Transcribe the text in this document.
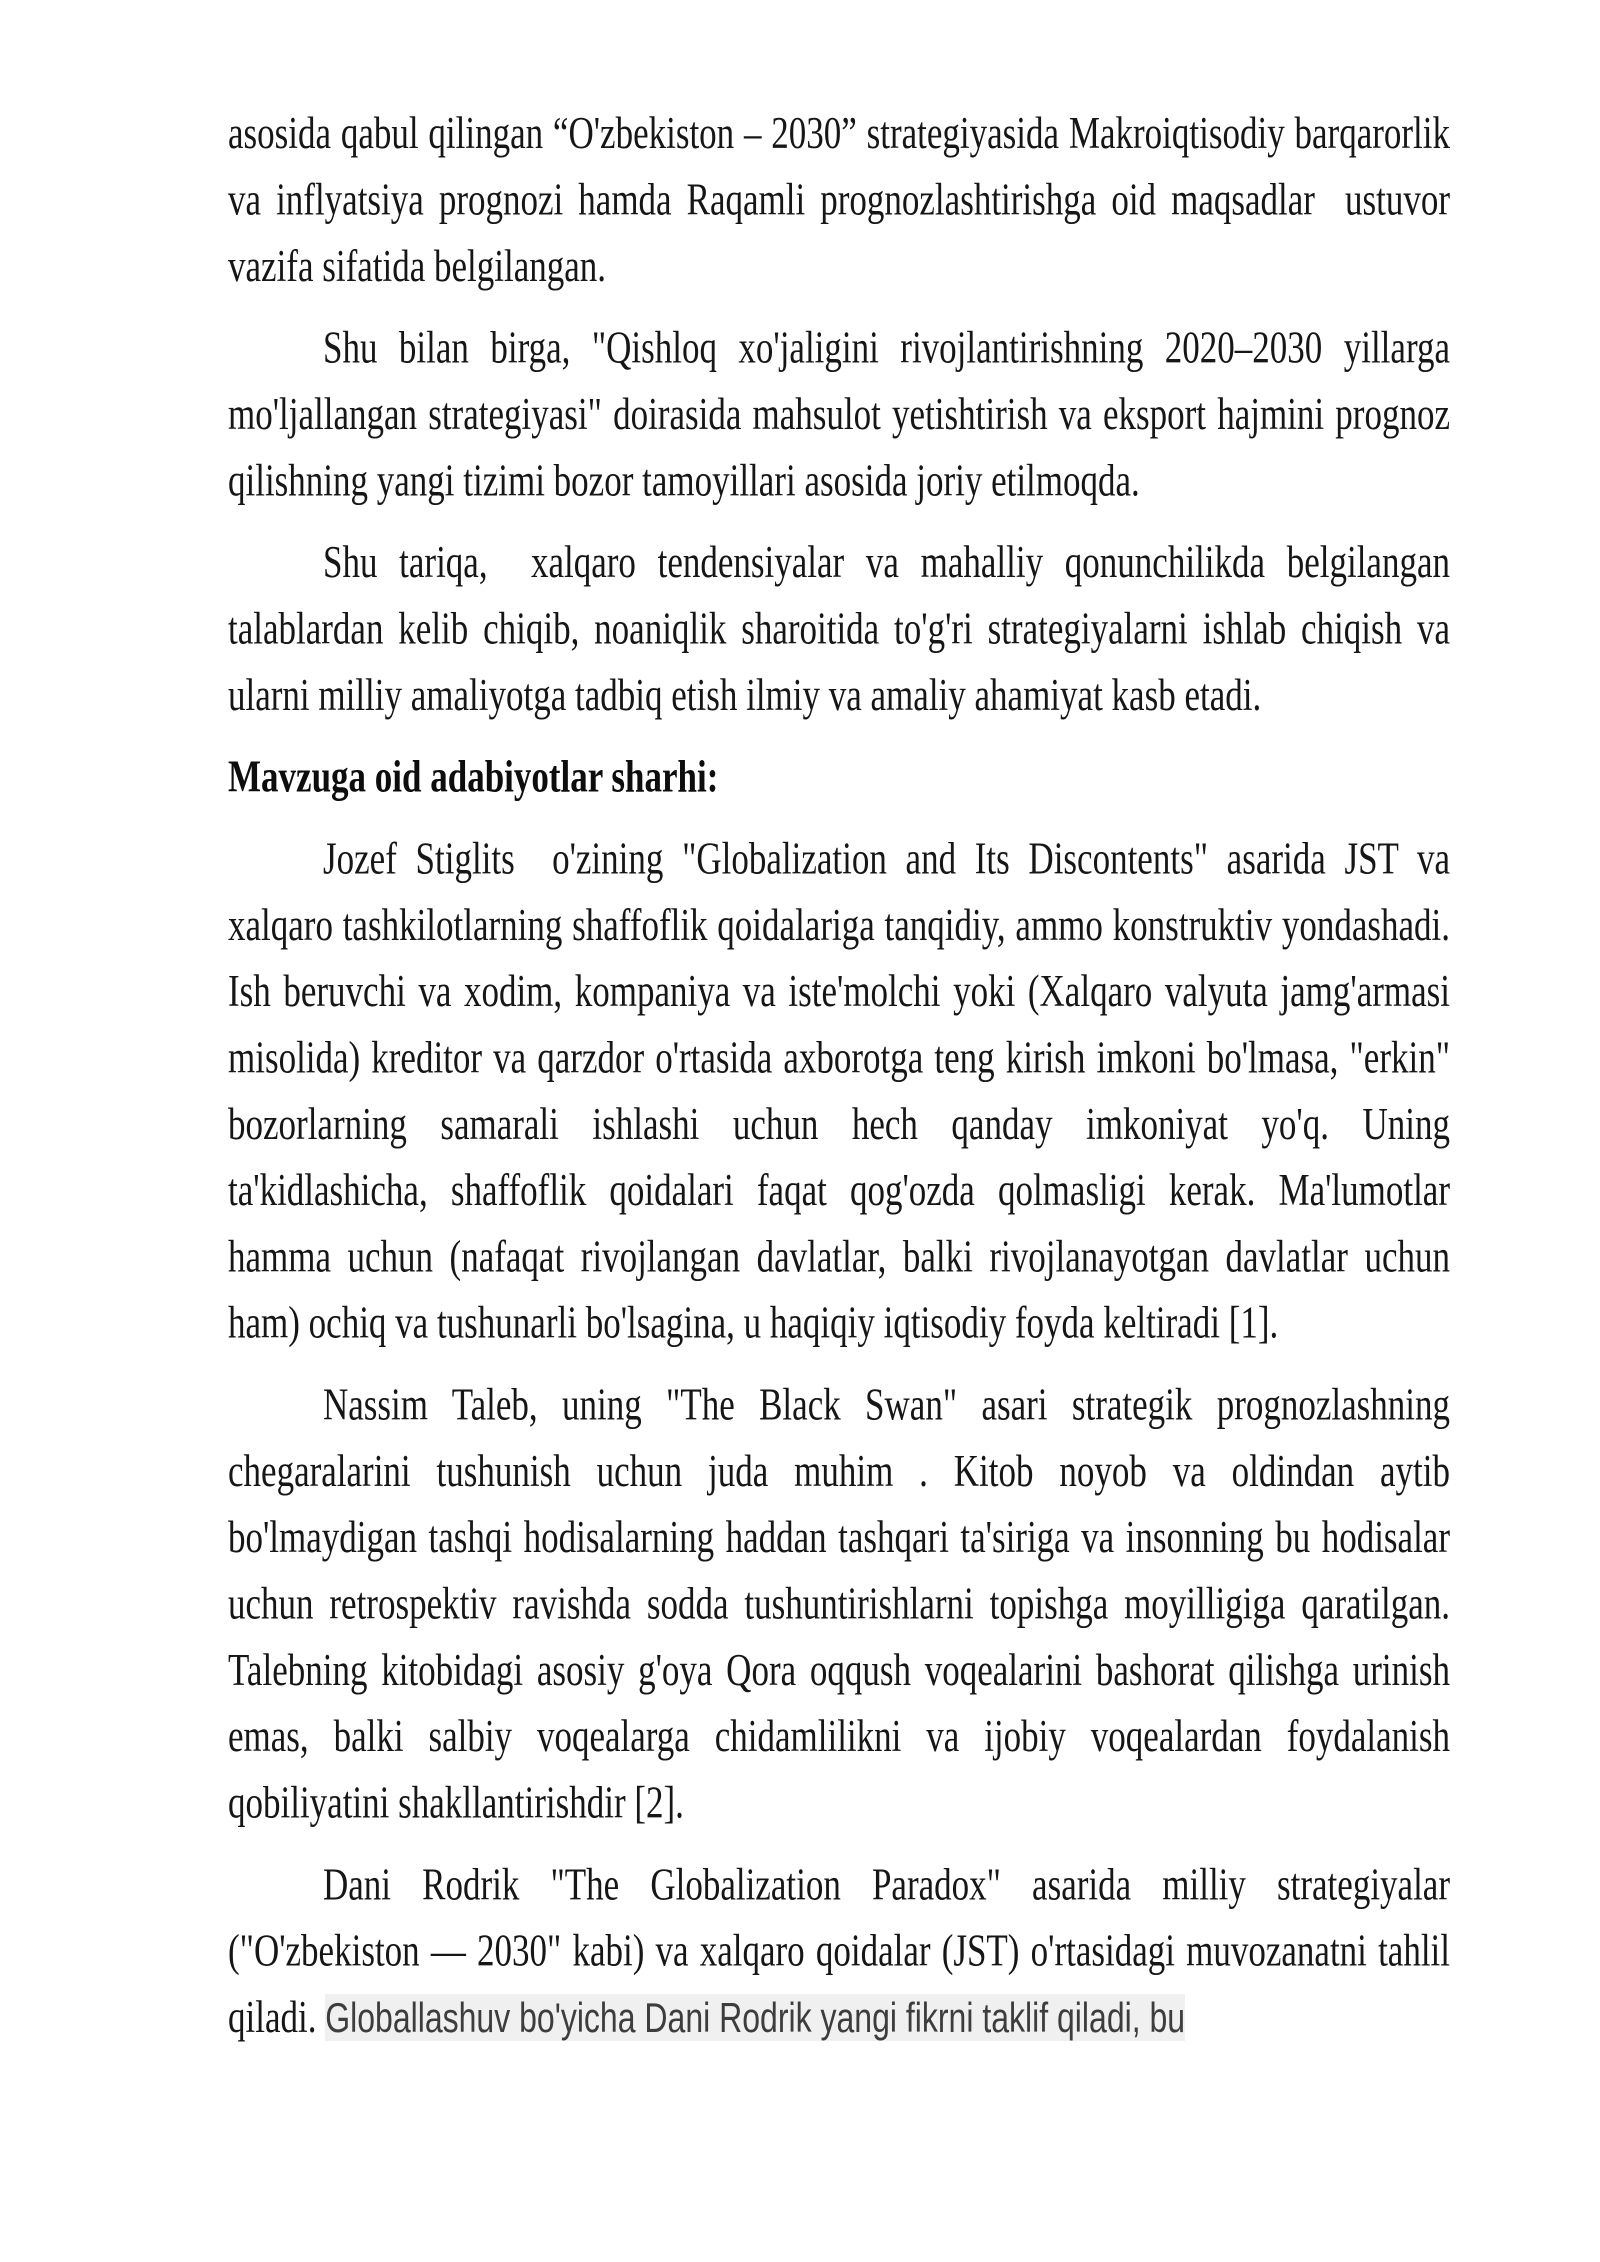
asosida qabul qilingan “O'zbekiston – 2030” strategiyasida Makroiqtisodiy barqarorlik va inflyatsiya prognozi hamda Raqamli prognozlashtirishga oid maqsadlar  ustuvor vazifa sifatida belgilangan.

Shu bilan birga, "Qishloq xo'jaligini rivojlantirishning 2020–2030 yillarga mo'ljallangan strategiyasi" doirasida mahsulot yetishtirish va eksport hajmini prognoz qilishning yangi tizimi bozor tamoyillari asosida joriy etilmoqda.

Shu tariqa,  xalqaro tendensiyalar va mahalliy qonunchilikda belgilangan talablardan kelib chiqib, noaniqlik sharoitida to'g'ri strategiyalarni ishlab chiqish va ularni milliy amaliyotga tadbiq etish ilmiy va amaliy ahamiyat kasb etadi.

Mavzuga oid adabiyotlar sharhi:

Jozef Stiglits  o'zining "Globalization and Its Discontents" asarida JST va xalqaro tashkilotlarning shaffoflik qoidalariga tanqidiy, ammo konstruktiv yondashadi. Ish beruvchi va xodim, kompaniya va iste'molchi yoki (Xalqaro valyuta jamg'armasi misolida) kreditor va qarzdor o'rtasida axborotga teng kirish imkoni bo'lmasa, "erkin" bozorlarning samarali ishlashi uchun hech qanday imkoniyat yo'q. Uning ta'kidlashicha, shaffoflik qoidalari faqat qog'ozda qolmasligi kerak. Ma'lumotlar hamma uchun (nafaqat rivojlangan davlatlar, balki rivojlanayotgan davlatlar uchun ham) ochiq va tushunarli bo'lsagina, u haqiqiy iqtisodiy foyda keltiradi [1].

Nassim Taleb, uning "The Black Swan" asari strategik prognozlashning chegaralarini tushunish uchun juda muhim . Kitob noyob va oldindan aytib bo'lmaydigan tashqi hodisalarning haddan tashqari ta'siriga va insonning bu hodisalar uchun retrospektiv ravishda sodda tushuntirishlarni topishga moyilligiga qaratilgan. Talebning kitobidagi asosiy g'oya Qora oqqush voqealarini bashorat qilishga urinish emas, balki salbiy voqealarga chidamlilikni va ijobiy voqealardan foydalanish qobiliyatini shakllantirishdir [2].

Dani Rodrik "The Globalization Paradox" asarida milliy strategiyalar ("O'zbekiston — 2030" kabi) va xalqaro qoidalar (JST) o'rtasidagi muvozanatni tahlil qiladi. Globallashuv bo'yicha Dani Rodrik yangi fikrni taklif qiladi, bu
